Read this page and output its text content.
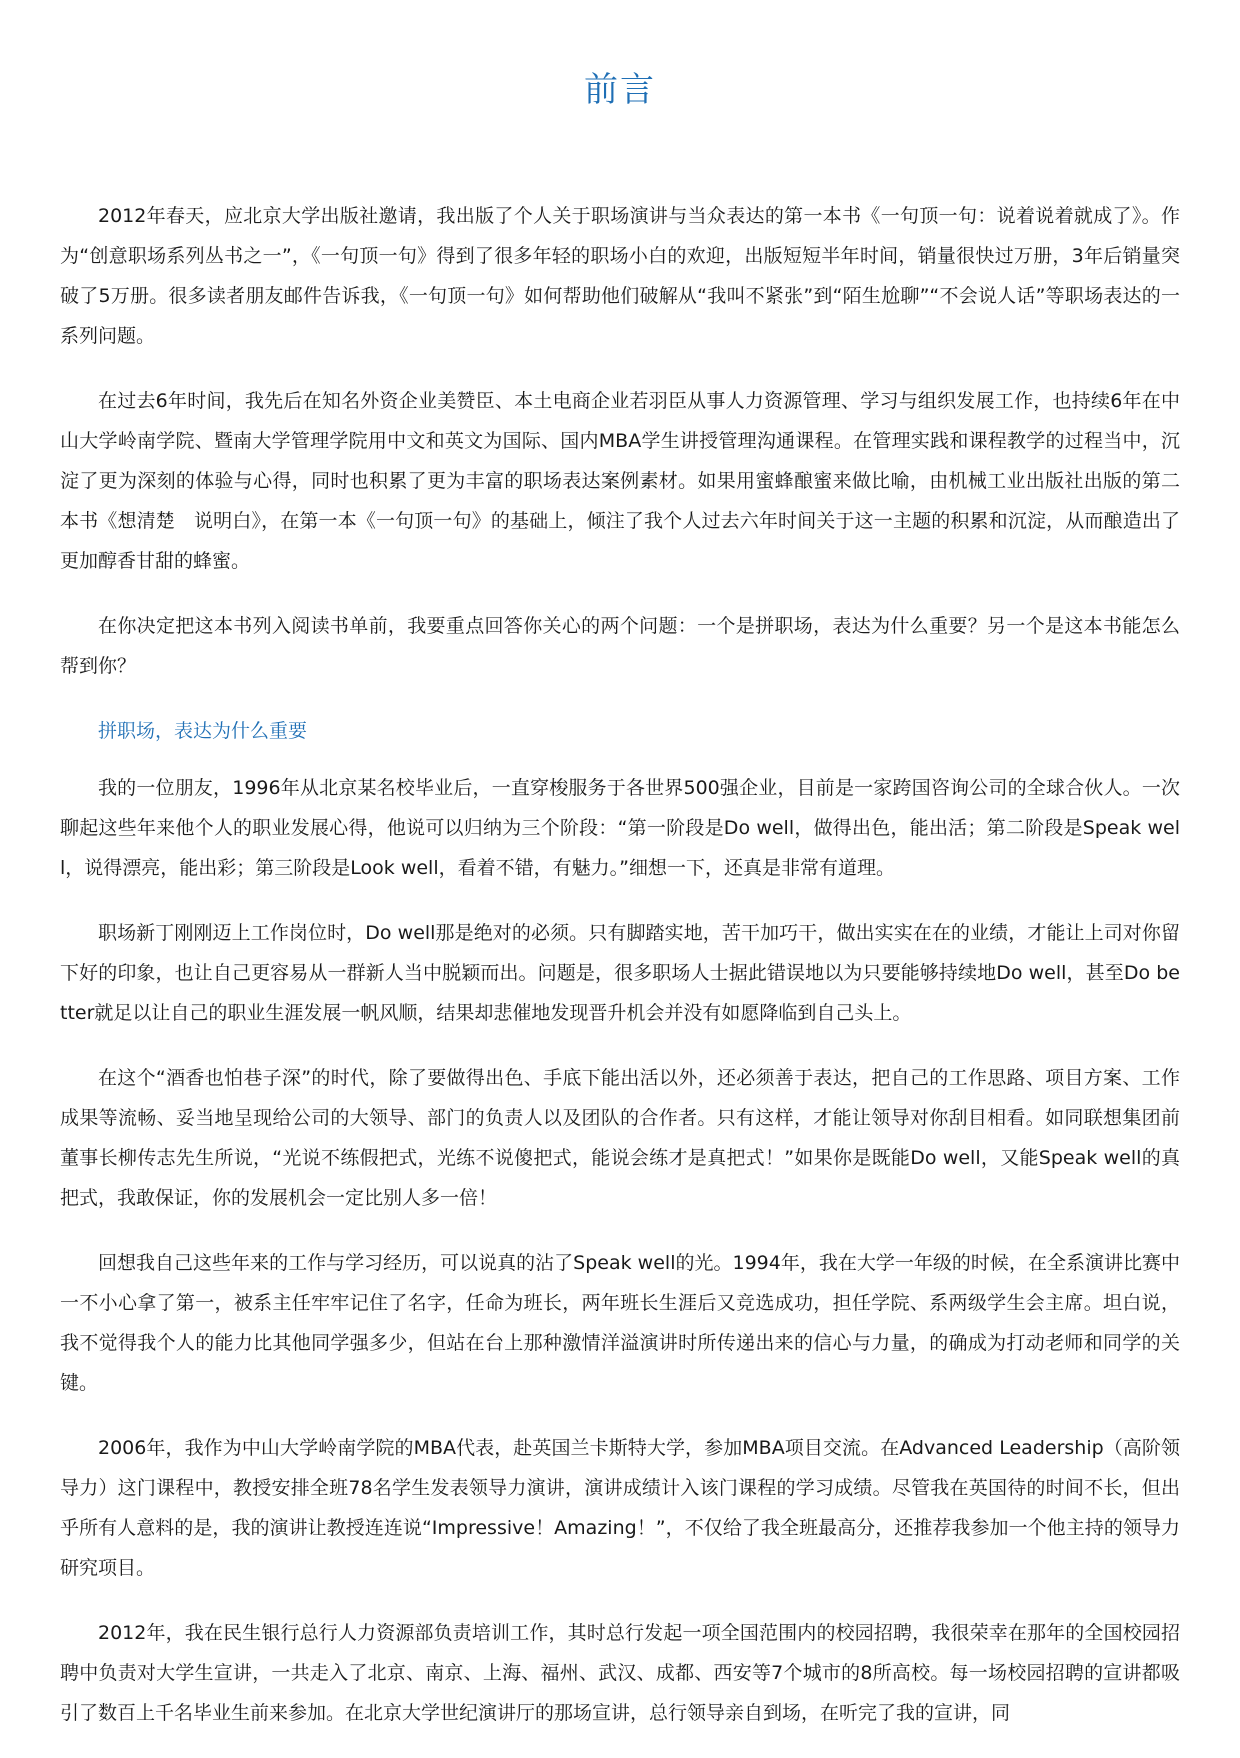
前言

2012年春天，应北京大学出版社邀请，我出版了个人关于职场演讲与当众表达的第一本书《一句顶一句：说着说着就成了》。作为“创意职场系列丛书之一”，《一句顶一句》得到了很多年轻的职场小白的欢迎，出版短短半年时间，销量很快过万册，3年后销量突破了5万册。很多读者朋友邮件告诉我，《一句顶一句》如何帮助他们破解从“我叫不紧张”到“陌生尬聊”“不会说人话”等职场表达的一系列问题。

在过去6年时间，我先后在知名外资企业美赞臣、本土电商企业若羽臣从事人力资源管理、学习与组织发展工作，也持续6年在中山大学岭南学院、暨南大学管理学院用中文和英文为国际、国内MBA学生讲授管理沟通课程。在管理实践和课程教学的过程当中，沉淀了更为深刻的体验与心得，同时也积累了更为丰富的职场表达案例素材。如果用蜜蜂酿蜜来做比喻，由机械工业出版社出版的第二本书《想清楚　说明白》，在第一本《一句顶一句》的基础上，倾注了我个人过去六年时间关于这一主题的积累和沉淀，从而酿造出了更加醇香甘甜的蜂蜜。

在你决定把这本书列入阅读书单前，我要重点回答你关心的两个问题：一个是拼职场，表达为什么重要？另一个是这本书能怎么帮到你？

拼职场，表达为什么重要

我的一位朋友，1996年从北京某名校毕业后，一直穿梭服务于各世界500强企业，目前是一家跨国咨询公司的全球合伙人。一次聊起这些年来他个人的职业发展心得，他说可以归纳为三个阶段：“第一阶段是Do well，做得出色，能出活；第二阶段是Speak well，说得漂亮，能出彩；第三阶段是Look well，看着不错，有魅力。”细想一下，还真是非常有道理。

职场新丁刚刚迈上工作岗位时，Do well那是绝对的必须。只有脚踏实地，苦干加巧干，做出实实在在的业绩，才能让上司对你留下好的印象，也让自己更容易从一群新人当中脱颖而出。问题是，很多职场人士据此错误地以为只要能够持续地Do well，甚至Do better就足以让自己的职业生涯发展一帆风顺，结果却悲催地发现晋升机会并没有如愿降临到自己头上。

在这个“酒香也怕巷子深”的时代，除了要做得出色、手底下能出活以外，还必须善于表达，把自己的工作思路、项目方案、工作成果等流畅、妥当地呈现给公司的大领导、部门的负责人以及团队的合作者。只有这样，才能让领导对你刮目相看。如同联想集团前董事长柳传志先生所说，“光说不练假把式，光练不说傻把式，能说会练才是真把式！”如果你是既能Do well，又能Speak well的真把式，我敢保证，你的发展机会一定比别人多一倍！

回想我自己这些年来的工作与学习经历，可以说真的沾了Speak well的光。1994年，我在大学一年级的时候，在全系演讲比赛中一不小心拿了第一，被系主任牢牢记住了名字，任命为班长，两年班长生涯后又竞选成功，担任学院、系两级学生会主席。坦白说，我不觉得我个人的能力比其他同学强多少，但站在台上那种激情洋溢演讲时所传递出来的信心与力量，的确成为打动老师和同学的关键。

2006年，我作为中山大学岭南学院的MBA代表，赴英国兰卡斯特大学，参加MBA项目交流。在Advanced Leadership（高阶领导力）这门课程中，教授安排全班78名学生发表领导力演讲，演讲成绩计入该门课程的学习成绩。尽管我在英国待的时间不长，但出乎所有人意料的是，我的演讲让教授连连说“Impressive！Amazing！”，不仅给了我全班最高分，还推荐我参加一个他主持的领导力研究项目。

2012年，我在民生银行总行人力资源部负责培训工作，其时总行发起一项全国范围内的校园招聘，我很荣幸在那年的全国校园招聘中负责对大学生宣讲，一共走入了北京、南京、上海、福州、武汉、成都、西安等7个城市的8所高校。每一场校园招聘的宣讲都吸引了数百上千名毕业生前来参加。在北京大学世纪演讲厅的那场宣讲，总行领导亲自到场，在听完了我的宣讲，同
